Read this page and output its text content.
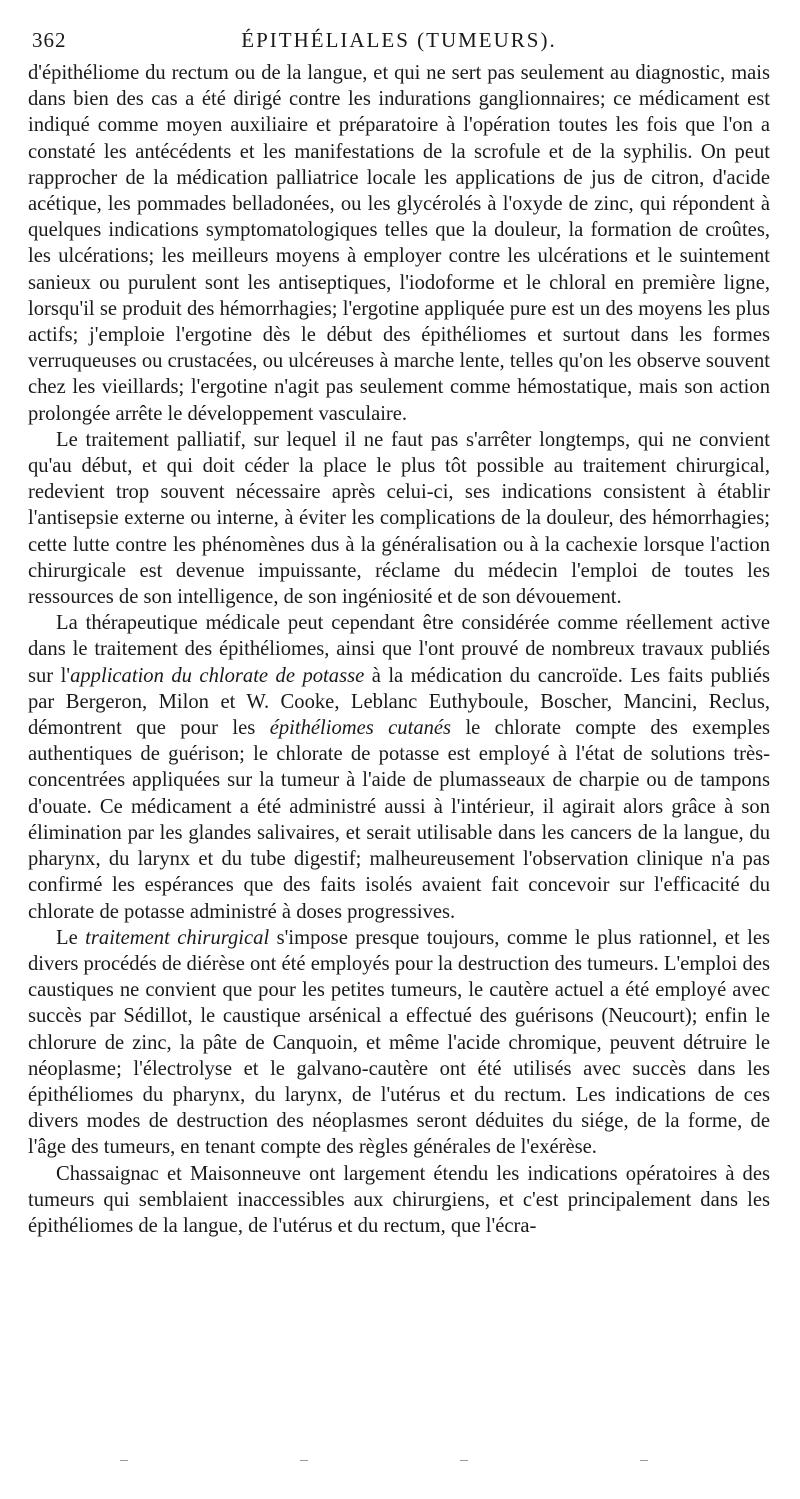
362	ÉPITHÉLIALES (TUMEURS).

d'épithéliome du rectum ou de la langue, et qui ne sert pas seulement au diagnostic, mais dans bien des cas a été dirigé contre les indurations ganglionnaires; ce médicament est indiqué comme moyen auxiliaire et préparatoire à l'opération toutes les fois que l'on a constaté les antécédents et les manifestations de la scrofule et de la syphilis. On peut rapprocher de la médication palliatrice locale les applications de jus de citron, d'acide acétique, les pommades belladonées, ou les glycérolés à l'oxyde de zinc, qui répondent à quelques indications symptomatologiques telles que la douleur, la formation de croûtes, les ulcérations; les meilleurs moyens à employer contre les ulcérations et le suintement sanieux ou purulent sont les antiseptiques, l'iodoforme et le chloral en première ligne, lorsqu'il se produit des hémorrhagies; l'ergotine appliquée pure est un des moyens les plus actifs; j'emploie l'ergotine dès le début des épithéliomes et surtout dans les formes verruqueuses ou crustacées, ou ulcéreuses à marche lente, telles qu'on les observe souvent chez les vieillards; l'ergotine n'agit pas seulement comme hémostatique, mais son action prolongée arrête le développement vasculaire.

Le traitement palliatif, sur lequel il ne faut pas s'arrêter longtemps, qui ne convient qu'au début, et qui doit céder la place le plus tôt possible au traitement chirurgical, redevient trop souvent nécessaire après celui-ci, ses indications consistent à établir l'antisepsie externe ou interne, à éviter les complications de la douleur, des hémorrhagies; cette lutte contre les phénomènes dus à la généralisation ou à la cachexie lorsque l'action chirurgicale est devenue impuissante, réclame du médecin l'emploi de toutes les ressources de son intelligence, de son ingéniosité et de son dévouement.

La thérapeutique médicale peut cependant être considérée comme réellement active dans le traitement des épithéliomes, ainsi que l'ont prouvé de nombreux travaux publiés sur l'application du chlorate de potasse à la médication du cancroïde. Les faits publiés par Bergeron, Milon et W. Cooke, Leblanc Euthyboule, Boscher, Mancini, Reclus, démontrent que pour les épithéliomes cutanés le chlorate compte des exemples authentiques de guérison; le chlorate de potasse est employé à l'état de solutions très-concentrées appliquées sur la tumeur à l'aide de plumasseaux de charpie ou de tampons d'ouate. Ce médicament a été administré aussi à l'intérieur, il agirait alors grâce à son élimination par les glandes salivaires, et serait utilisable dans les cancers de la langue, du pharynx, du larynx et du tube digestif; malheureusement l'observation clinique n'a pas confirmé les espérances que des faits isolés avaient fait concevoir sur l'efficacité du chlorate de potasse administré à doses progressives.

Le traitement chirurgical s'impose presque toujours, comme le plus rationnel, et les divers procédés de diérèse ont été employés pour la destruction des tumeurs. L'emploi des caustiques ne convient que pour les petites tumeurs, le cautère actuel a été employé avec succès par Sédillot, le caustique arsénical a effectué des guérisons (Neucourt); enfin le chlorure de zinc, la pâte de Canquoin, et même l'acide chromique, peuvent détruire le néoplasme; l'électrolyse et le galvano-cautère ont été utilisés avec succès dans les épithéliomes du pharynx, du larynx, de l'utérus et du rectum. Les indications de ces divers modes de destruction des néoplasmes seront déduites du siége, de la forme, de l'âge des tumeurs, en tenant compte des règles générales de l'exérèse.

Chassaignac et Maisonneuve ont largement étendu les indications opératoires à des tumeurs qui semblaient inaccessibles aux chirurgiens, et c'est principalement dans les épithéliomes de la langue, de l'utérus et du rectum, que l'écra-
